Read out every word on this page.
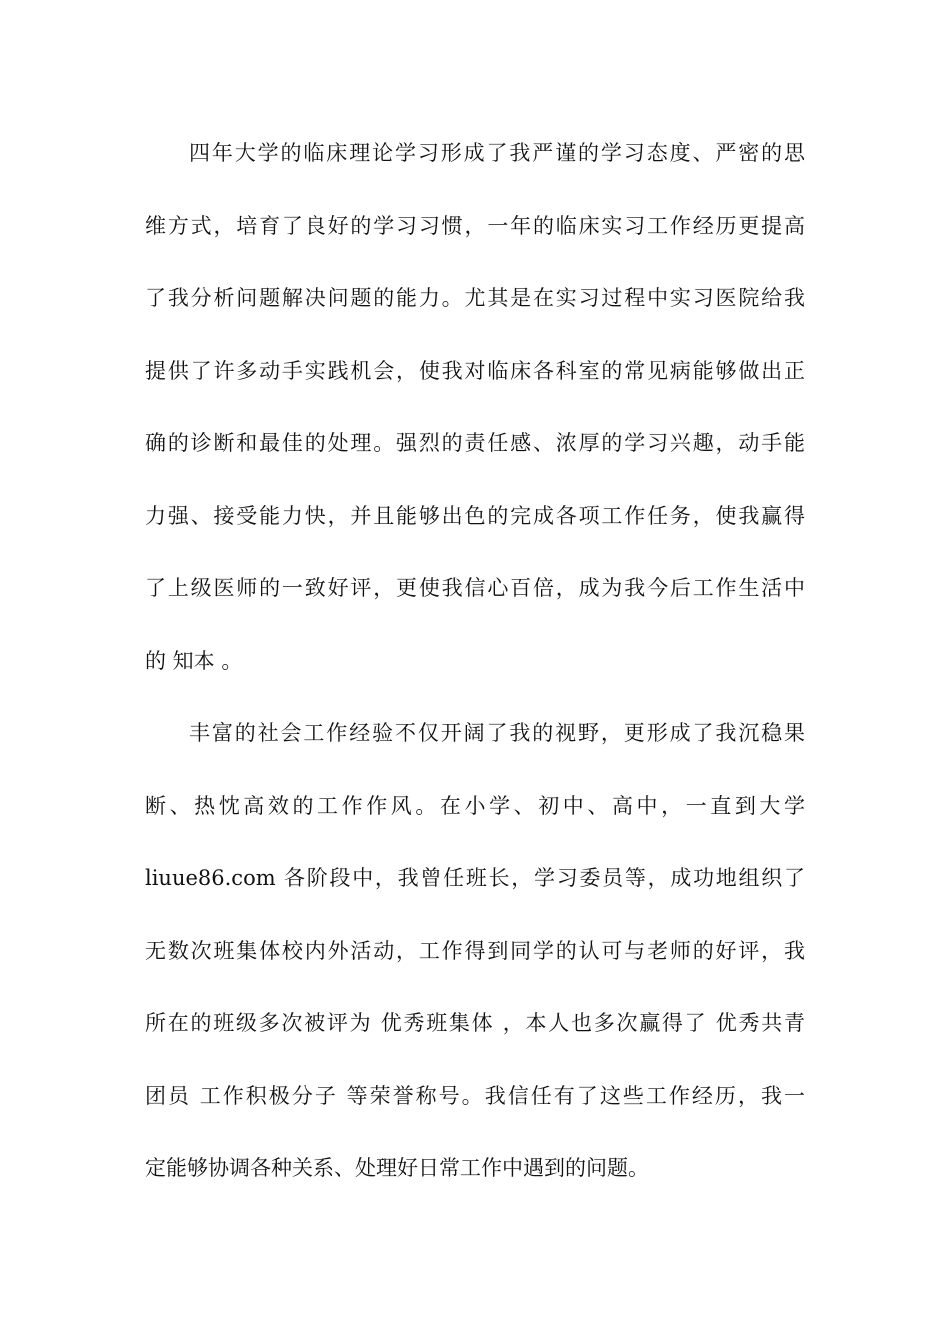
四年大学的临床理论学习形成了我严谨的学习态度、严密的思
维方式，培育了良好的学习习惯，一年的临床实习工作经历更提高
了我分析问题解决问题的能力。尤其是在实习过程中实习医院给我
提供了许多动手实践机会，使我对临床各科室的常见病能够做出正
确的诊断和最佳的处理。强烈的责任感、浓厚的学习兴趣，动手能
力强、接受能力快，并且能够出色的完成各项工作任务，使我赢得
了上级医师的一致好评，更使我信心百倍，成为我今后工作生活中
的 知本 。
丰富的社会工作经验不仅开阔了我的视野，更形成了我沉稳果
断、热忱高效的工作作风。在小学、初中、高中，一直到大学
liuue86.com 各阶段中，我曾任班长，学习委员等，成功地组织了
无数次班集体校内外活动，工作得到同学的认可与老师的好评，我
所在的班级多次被评为 优秀班集体 ，本人也多次赢得了 优秀共青
团员 工作积极分子 等荣誉称号。我信任有了这些工作经历，我一
定能够协调各种关系、处理好日常工作中遇到的问题。
